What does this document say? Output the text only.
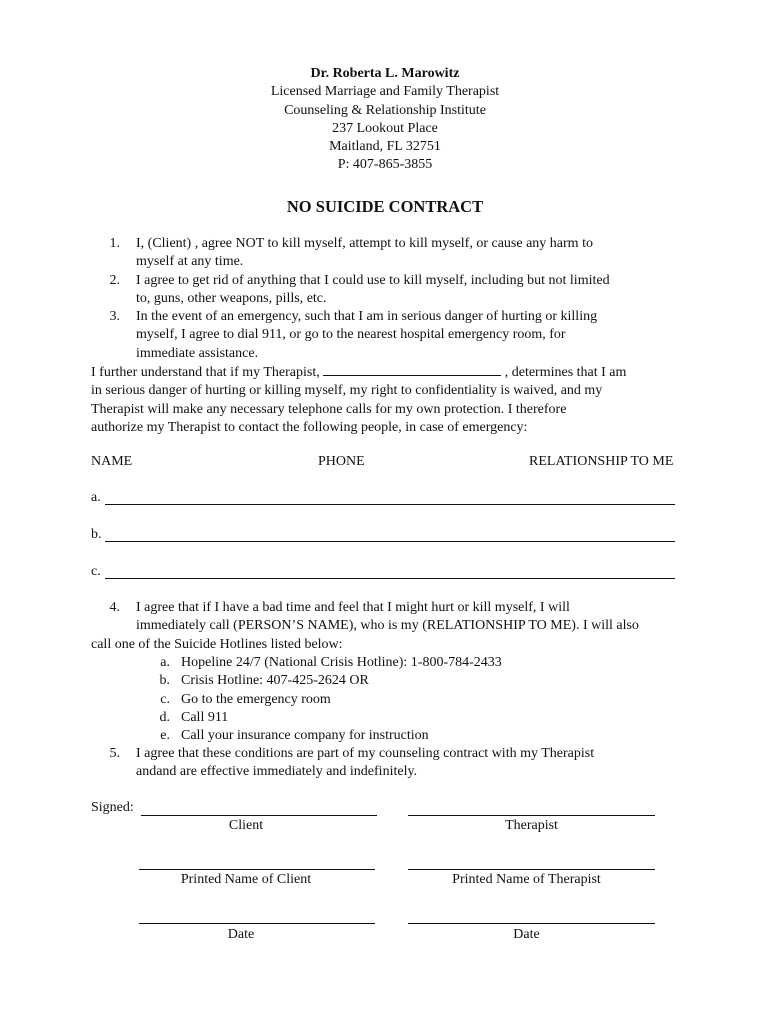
Dr. Roberta L. Marowitz
Licensed Marriage and Family Therapist
Counseling & Relationship Institute
237 Lookout Place
Maitland, FL 32751
P: 407-865-3855
NO SUICIDE CONTRACT
1. I, (Client) , agree NOT to kill myself, attempt to kill myself, or cause any harm to
myself at any time.
2. I agree to get rid of anything that I could use to kill myself, including but not limited
to, guns, other weapons, pills, etc.
3. In the event of an emergency, such that I am in serious danger of hurting or killing
myself, I agree to dial 911, or go to the nearest hospital emergency room, for
immediate assistance.
I further understand that if my Therapist,	, determines that I am
in serious danger of hurting or killing myself, my right to confidentiality is waived, and my
Therapist will make any necessary telephone calls for my own protection. I therefore
authorize my Therapist to contact the following people, in case of emergency:
NAME	PHONE	RELATIONSHIP TO ME
a.
b.
c.
4. I agree that if I have a bad time and feel that I might hurt or kill myself, I will
immediately call (PERSON’S NAME), who is my (RELATIONSHIP TO ME). I will also
call one of the Suicide Hotlines listed below:
a. Hopeline 24/7 (National Crisis Hotline): 1-800-784-2433
b. Crisis Hotline: 407-425-2624 OR
c. Go to the emergency room
d. Call 911
e. Call your insurance company for instruction
5. I agree that these conditions are part of my counseling contract with my Therapist
andand are effective immediately and indefinitely.
Signed:
Client	Therapist
Printed Name of Client	Printed Name of Therapist
Date	Date
